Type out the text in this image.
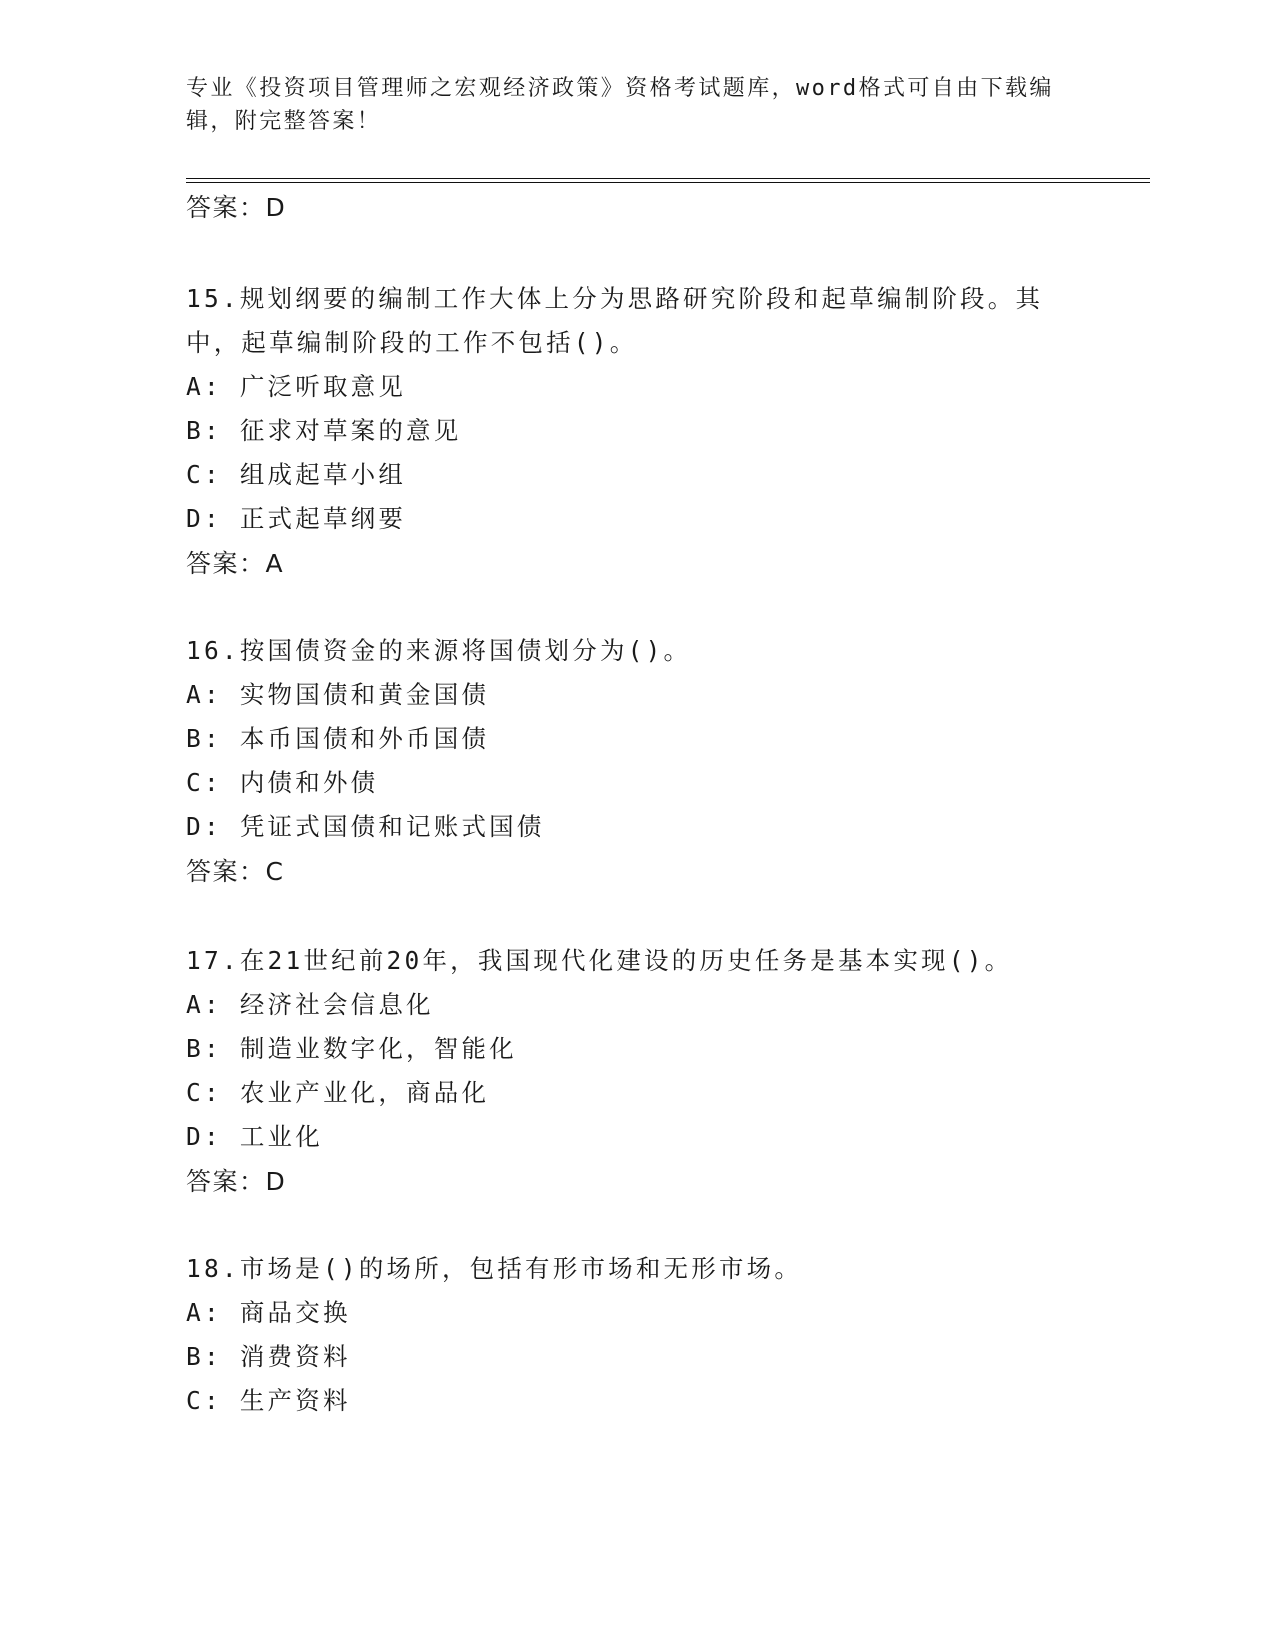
专业《投资项目管理师之宏观经济政策》资格考试题库，word格式可自由下载编
辑，附完整答案！
答案：D
15.规划纲要的编制工作大体上分为思路研究阶段和起草编制阶段。其
中，起草编制阶段的工作不包括()。
A: 广泛听取意见
B: 征求对草案的意见
C: 组成起草小组
D: 正式起草纲要
答案：A
16.按国债资金的来源将国债划分为()。
A: 实物国债和黄金国债
B: 本币国债和外币国债
C: 内债和外债
D: 凭证式国债和记账式国债
答案：C
17.在21世纪前20年，我国现代化建设的历史任务是基本实现()。
A: 经济社会信息化
B: 制造业数字化，智能化
C: 农业产业化，商品化
D: 工业化
答案：D
18.市场是()的场所，包括有形市场和无形市场。
A: 商品交换
B: 消费资料
C: 生产资料
